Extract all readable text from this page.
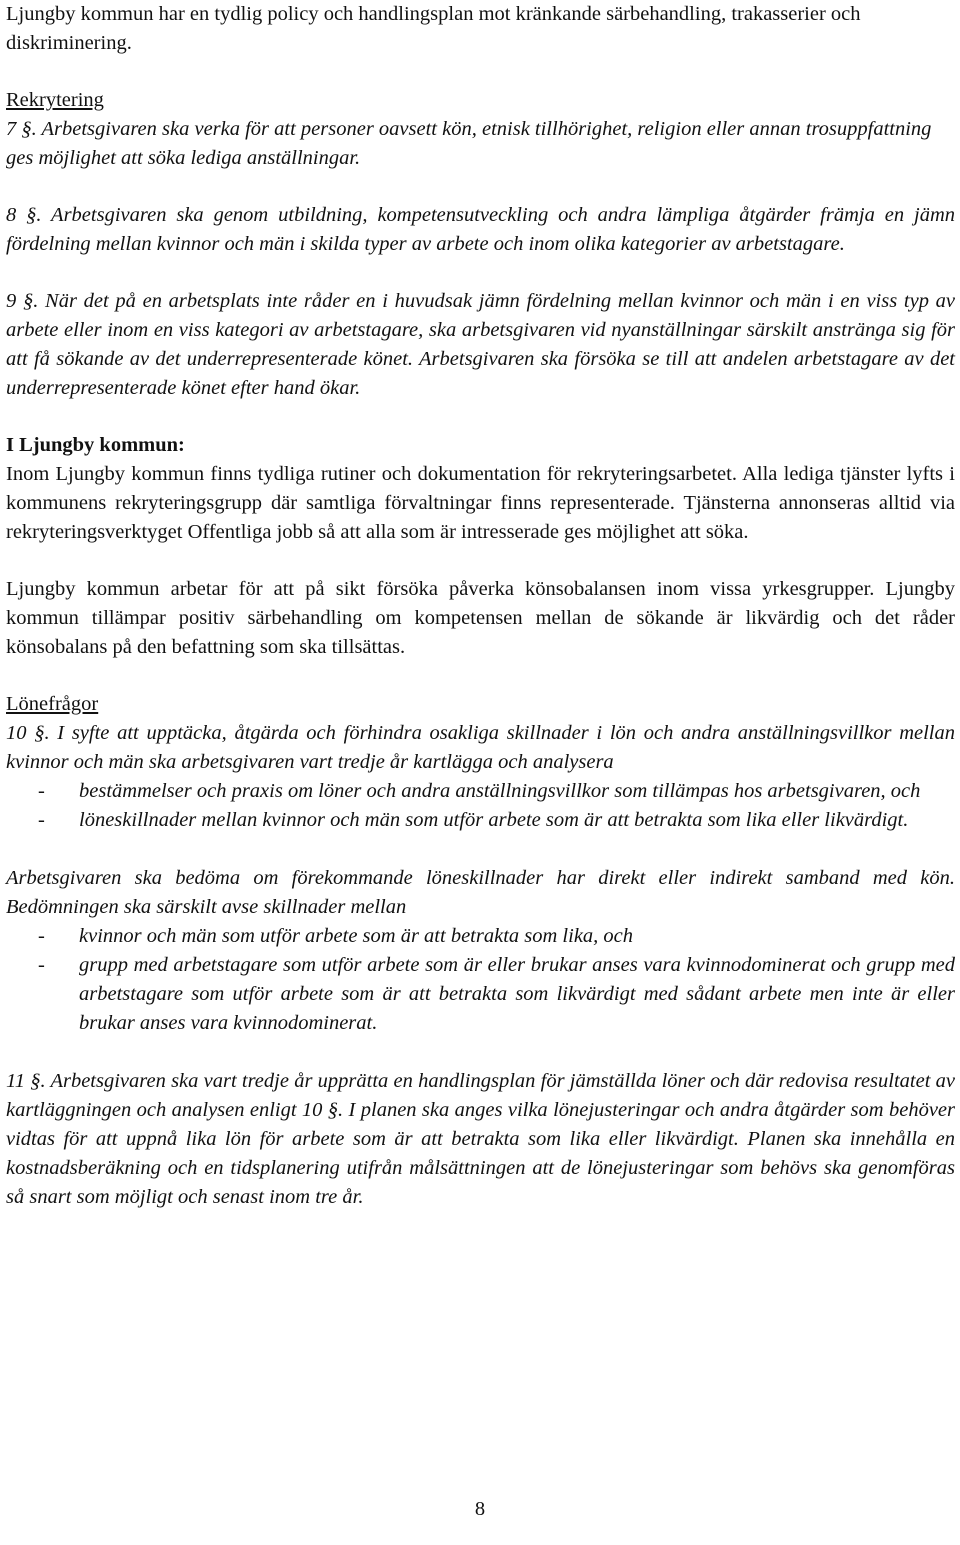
Ljungby kommun har en tydlig policy och handlingsplan mot kränkande särbehandling, trakasserier och diskriminering.

Rekrytering

7 §. Arbetsgivaren ska verka för att personer oavsett kön, etnisk tillhörighet, religion eller annan trosuppfattning ges möjlighet att söka lediga anställningar.

8 §. Arbetsgivaren ska genom utbildning, kompetensutveckling och andra lämpliga åtgärder främja en jämn fördelning mellan kvinnor och män i skilda typer av arbete och inom olika kategorier av arbetstagare.

9 §. När det på en arbetsplats inte råder en i huvudsak jämn fördelning mellan kvinnor och män i en viss typ av arbete eller inom en viss kategori av arbetstagare, ska arbetsgivaren vid nyanställningar särskilt anstränga sig för att få sökande av det underrepresenterade könet. Arbetsgivaren ska försöka se till att andelen arbetstagare av det underrepresenterade könet efter hand ökar.

I Ljungby kommun:

Inom Ljungby kommun finns tydliga rutiner och dokumentation för rekryteringsarbetet. Alla lediga tjänster lyfts i kommunens rekryteringsgrupp där samtliga förvaltningar finns representerade. Tjänsterna annonseras alltid via rekryteringsverktyget Offentliga jobb så att alla som är intresserade ges möjlighet att söka.

Ljungby kommun arbetar för att på sikt försöka påverka könsobalansen inom vissa yrkesgrupper. Ljungby kommun tillämpar positiv särbehandling om kompetensen mellan de sökande är likvärdig och det råder könsobalans på den befattning som ska tillsättas.

Lönefrågor

10 §. I syfte att upptäcka, åtgärda och förhindra osakliga skillnader i lön och andra anställningsvillkor mellan kvinnor och män ska arbetsgivaren vart tredje år kartlägga och analysera

- bestämmelser och praxis om löner och andra anställningsvillkor som tillämpas hos arbetsgivaren, och
- löneskillnader mellan kvinnor och män som utför arbete som är att betrakta som lika eller likvärdigt.

Arbetsgivaren ska bedöma om förekommande löneskillnader har direkt eller indirekt samband med kön. Bedömningen ska särskilt avse skillnader mellan

- kvinnor och män som utför arbete som är att betrakta som lika, och
- grupp med arbetstagare som utför arbete som är eller brukar anses vara kvinnodominerat och grupp med arbetstagare som utför arbete som är att betrakta som likvärdigt med sådant arbete men inte är eller brukar anses vara kvinnodominerat.

11 §. Arbetsgivaren ska vart tredje år upprätta en handlingsplan för jämställda löner och där redovisa resultatet av kartläggningen och analysen enligt 10 §. I planen ska anges vilka lönejusteringar och andra åtgärder som behöver vidtas för att uppnå lika lön för arbete som är att betrakta som lika eller likvärdigt. Planen ska innehålla en kostnadsberäkning och en tidsplanering utifrån målsättningen att de lönejusteringar som behövs ska genomföras så snart som möjligt och senast inom tre år.

8
